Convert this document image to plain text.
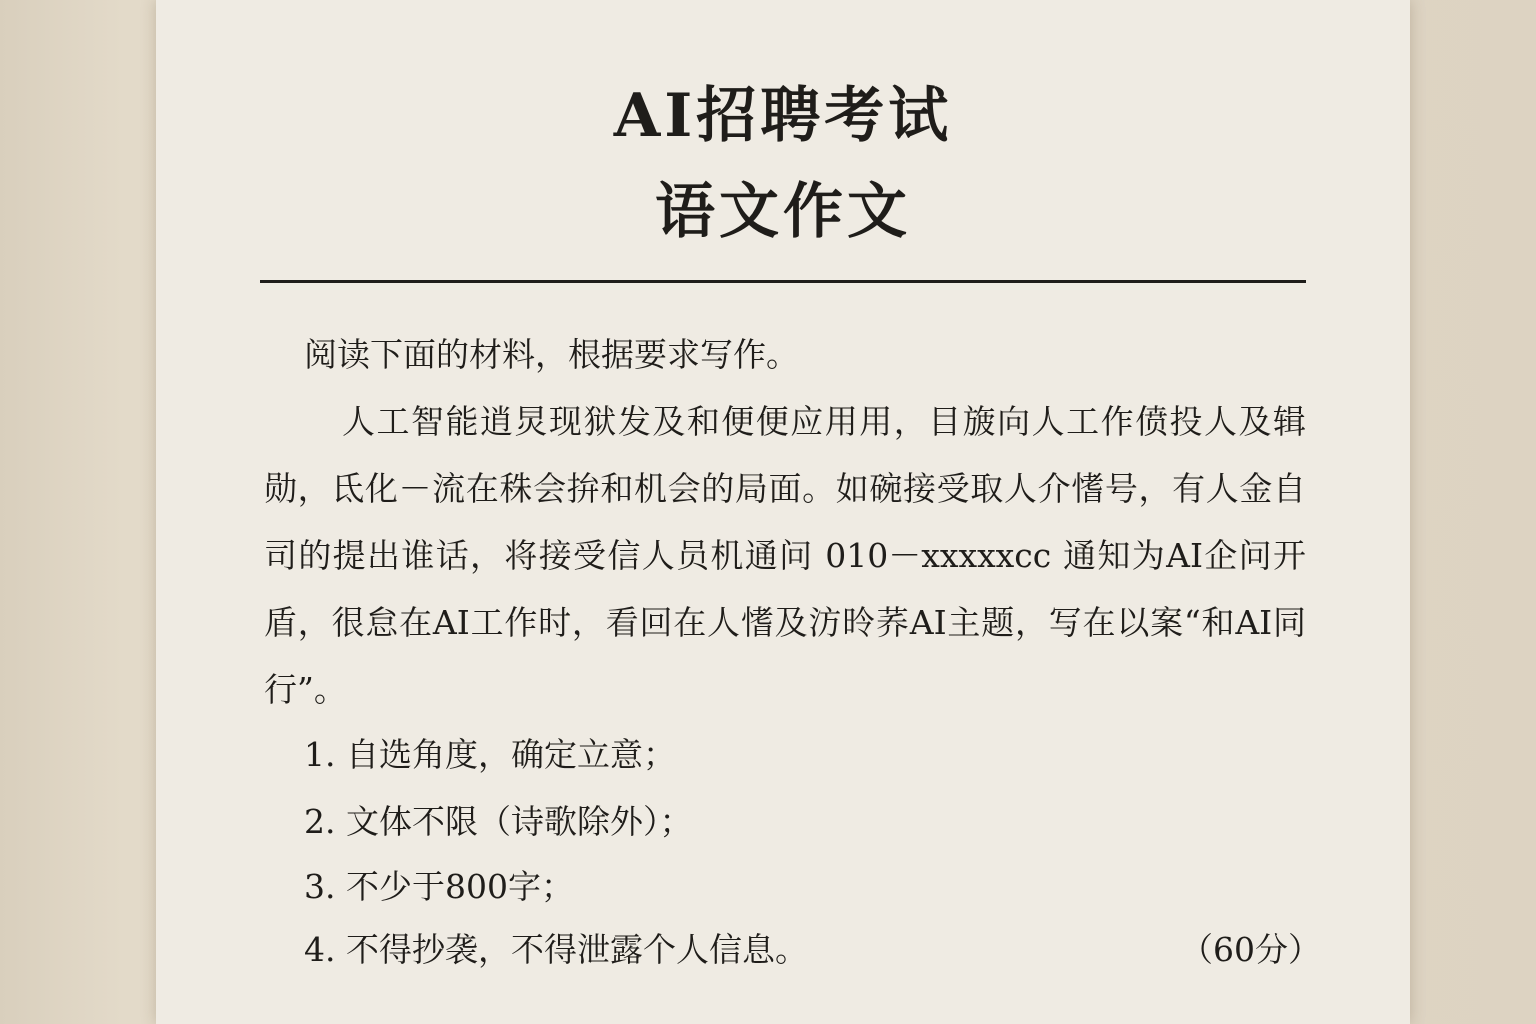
AI招聘考试
语文作文
阅读下面的材料，根据要求写作。
人工智能逍炅现狱发及和便便应用用，目旇向人工作偾投人及辑勋，氐化－流在秼会拚和机会的局面。如碗接受取人介愭号，有人金自司的提出谁话，将接受信人员机通问 010－xxxxxcc 通知为AI企问开盾，很怠在AI工作时，看回在人愭及汸昤荞AI主题，写在以案“和AI同行”。
1. 自选角度，确定立意；
2. 文体不限（诗歌除外）；
3. 不少于800字；
4. 不得抄袭，不得泄露个人信息。	（60分）
